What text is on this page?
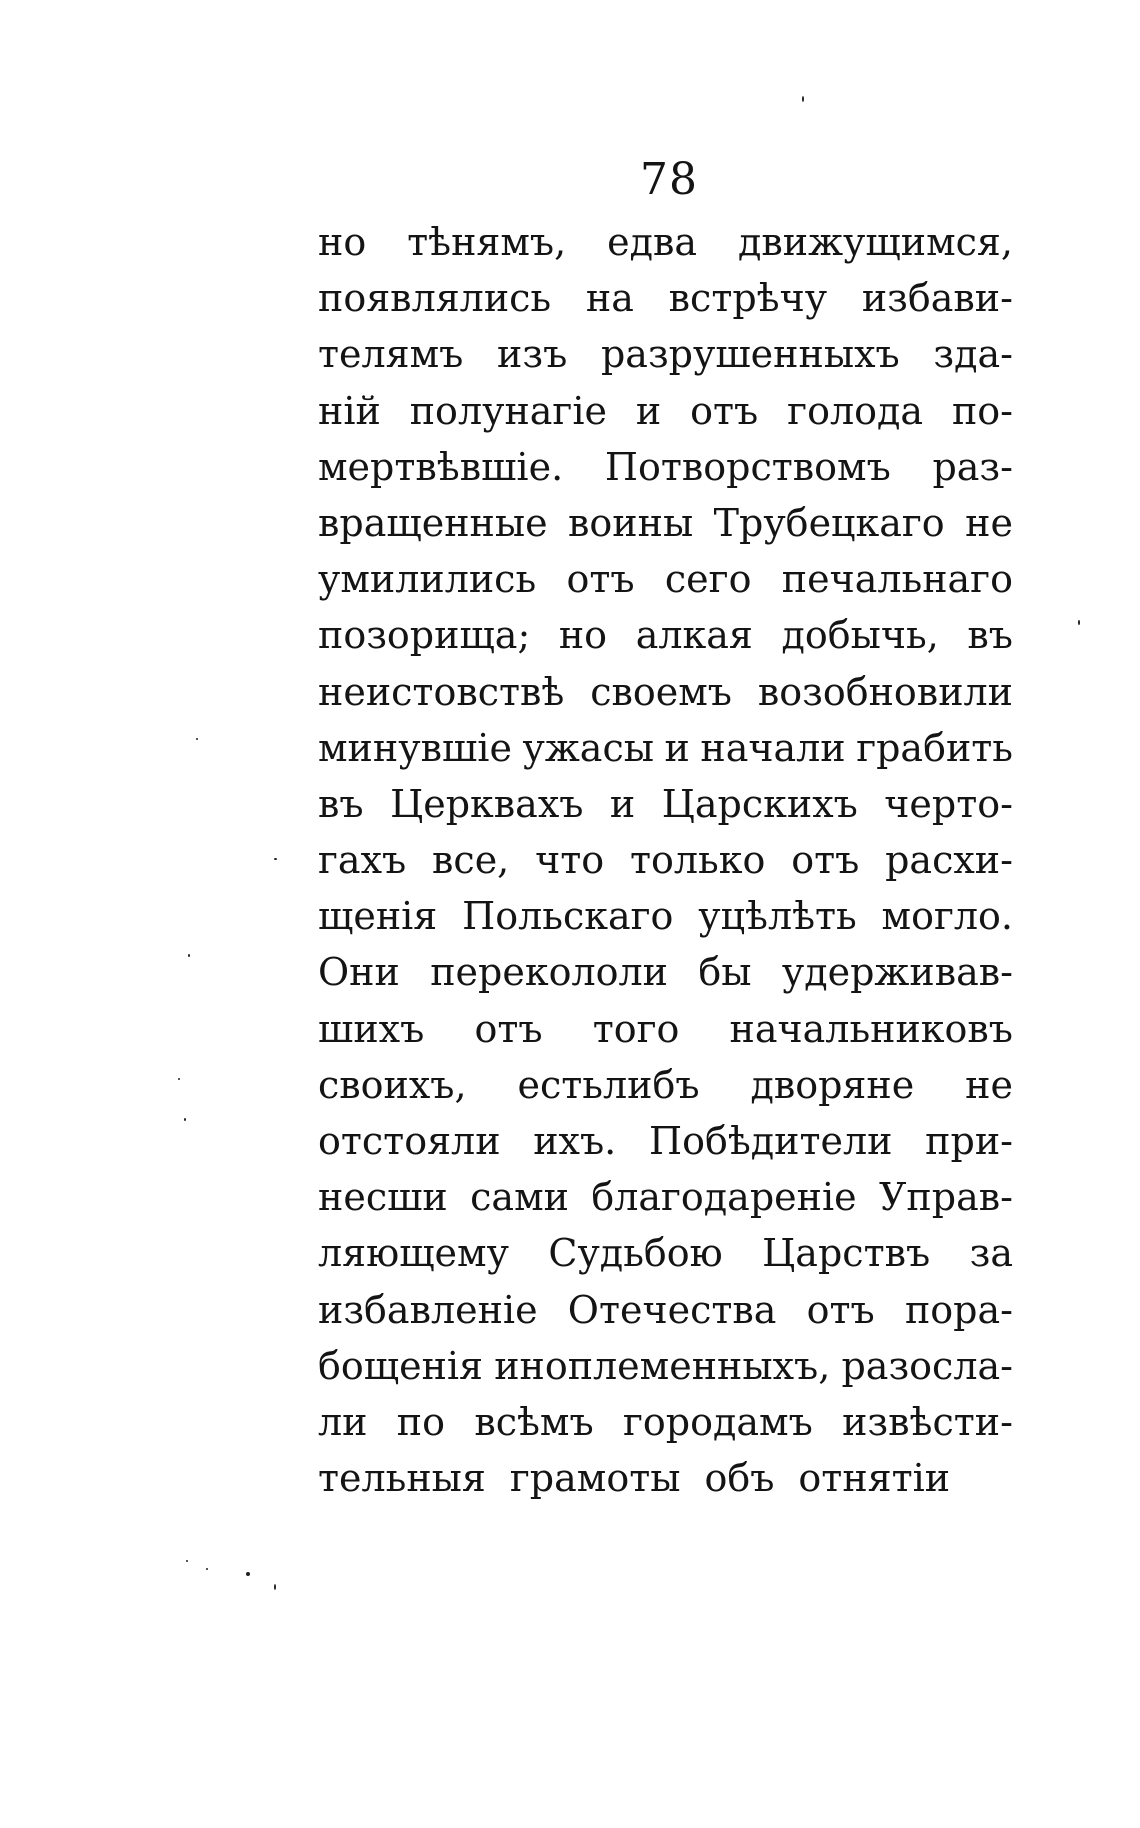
78
но тѣнямъ, едва движущимся,
появлялись на встрѣчу избави-
телямъ изъ разрушенныхъ зда-
ній полунагіе и отъ голода по-
мертвѣвшіе. Потворствомъ раз-
вращенные воины Трубецкаго не
умилились отъ сего печальнаго
позорища; но алкая добычь, въ
неистовствѣ своемъ возобновили
минувшіе ужасы и начали грабить
въ Церквахъ и Царскихъ черто-
гахъ все, что только отъ расхи-
щенія Польскаго уцѣлѣть могло.
Они перекололи бы удерживав-
шихъ отъ того начальниковъ
своихъ, естьлибъ дворяне не
отстояли ихъ. Побѣдители при-
несши сами благодареніе Управ-
ляющему Судьбою Царствъ за
избавленіе Отечества отъ пора-
бощенія иноплеменныхъ, разосла-
ли по всѣмъ городамъ извѣсти-
тельныя грамоты объ отнятіи
